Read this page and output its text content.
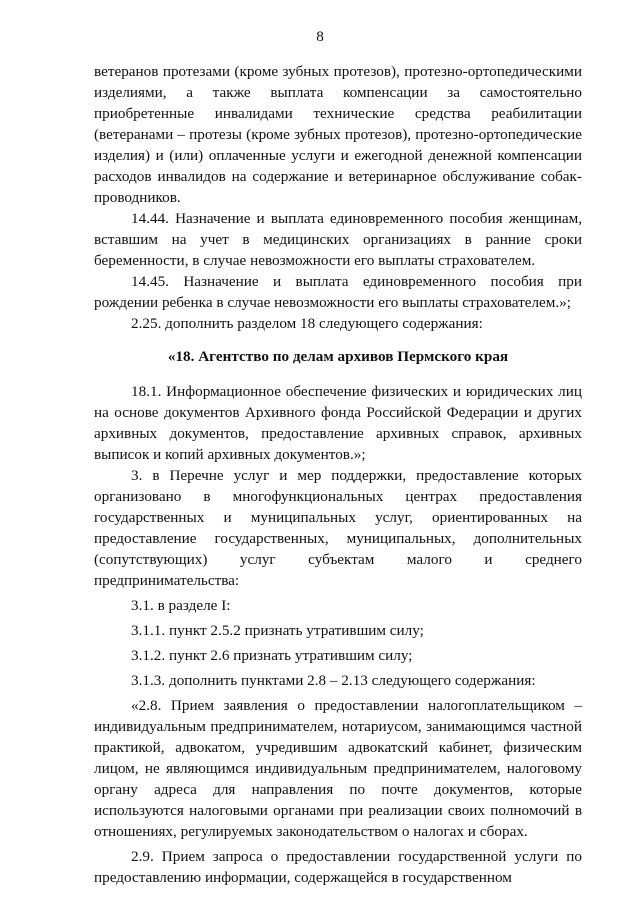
8

ветеранов протезами (кроме зубных протезов), протезно-ортопедическими изделиями, а также выплата компенсации за самостоятельно приобретенные инвалидами технические средства реабилитации (ветеранами – протезы (кроме зубных протезов), протезно-ортопедические изделия) и (или) оплаченные услуги и ежегодной денежной компенсации расходов инвалидов на содержание и ветеринарное обслуживание собак-проводников.

14.44. Назначение и выплата единовременного пособия женщинам, вставшим на учет в медицинских организациях в ранние сроки беременности, в случае невозможности его выплаты страхователем.

14.45. Назначение и выплата единовременного пособия при рождении ребенка в случае невозможности его выплаты страхователем.»;

2.25. дополнить разделом 18 следующего содержания:

«18. Агентство по делам архивов Пермского края

18.1. Информационное обеспечение физических и юридических лиц на основе документов Архивного фонда Российской Федерации и других архивных документов, предоставление архивных справок, архивных выписок и копий архивных документов.»;

3. в Перечне услуг и мер поддержки, предоставление которых организовано в многофункциональных центрах предоставления государственных и муниципальных услуг, ориентированных на предоставление государственных, муниципальных, дополнительных (сопутствующих) услуг субъектам малого и среднего предпринимательства:

3.1. в разделе I:

3.1.1. пункт 2.5.2 признать утратившим силу;

3.1.2. пункт 2.6 признать утратившим силу;

3.1.3. дополнить пунктами 2.8 – 2.13 следующего содержания:

«2.8. Прием заявления о предоставлении налогоплательщиком – индивидуальным предпринимателем, нотариусом, занимающимся частной практикой, адвокатом, учредившим адвокатский кабинет, физическим лицом, не являющимся индивидуальным предпринимателем, налоговому органу адреса для направления по почте документов, которые используются налоговыми органами при реализации своих полномочий в отношениях, регулируемых законодательством о налогах и сборах.

2.9. Прием запроса о предоставлении государственной услуги по предоставлению информации, содержащейся в государственном
